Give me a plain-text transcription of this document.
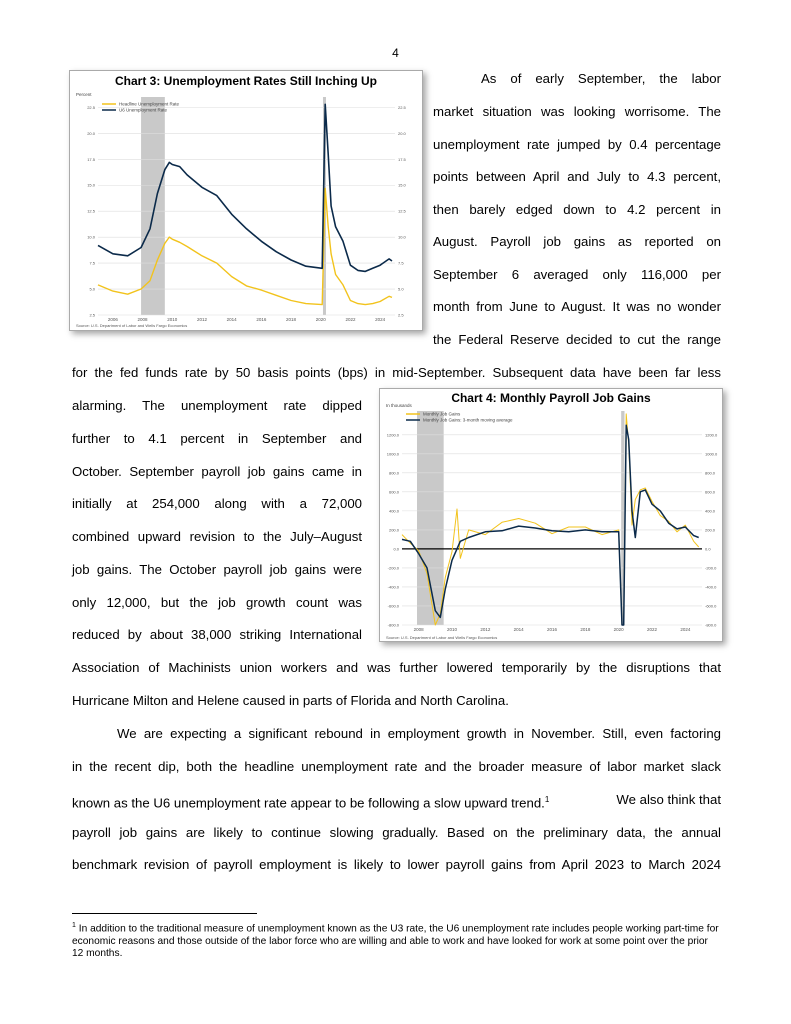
4
Chart 3: Unemployment Rates Still Inching Up
Percent
2.5	2.5
5.0	5.0
7.5	7.5
10.0	10.0
12.5	12.5
15.0	15.0
17.5	17.5
20.0	20.0
22.5	22.5
2006	2008	2010	2012	2014	2016	2018	2020	2022	2024
Headline Unemployment Rate
U6 Unemployment Rate
Source: U.S. Department of Labor and Wells Fargo Economics
Chart 4: Monthly Payroll Job Gains
In thousands
-800.0	-800.0
-600.0	-600.0
-400.0	-400.0
-200.0	-200.0
0.0	0.0
200.0	200.0
400.0	400.0
600.0	600.0
800.0	800.0
1000.0	1000.0
1200.0	1200.0
2008	2010	2012	2014	2016	2018	2020	2022	2024
Monthly Job Gains
Monthly Job Gains: 3-month moving average
Source: U.S. Department of Labor and Wells Fargo Economics
As of early September, the labor
market situation was looking worrisome. The
unemployment rate jumped by 0.4 percentage
points between April and July to 4.3 percent,
then barely edged down to 4.2 percent in
August. Payroll job gains as reported on
September 6 averaged only 116,000 per
month from June to August. It was no wonder
the Federal Reserve decided to cut the range
for the fed funds rate by 50 basis points (bps) in mid-September. Subsequent data have been far less
alarming. The unemployment rate dipped
further to 4.1 percent in September and
October. September payroll job gains came in
initially at 254,000 along with a 72,000
combined upward revision to the July–August
job gains. The October payroll job gains were
only 12,000, but the job growth count was
reduced by about 38,000 striking International
Association of Machinists union workers and was further lowered temporarily by the disruptions that
Hurricane Milton and Helene caused in parts of Florida and North Carolina.
We are expecting a significant rebound in employment growth in November. Still, even factoring
in the recent dip, both the headline unemployment rate and the broader measure of labor market slack
known as the U6 unemployment rate appear to be following a slow upward trend.$^1$	We also think that
payroll job gains are likely to continue slowing gradually. Based on the preliminary data, the annual
benchmark revision of payroll employment is likely to lower payroll gains from April 2023 to March 2024
$^1$ In addition to the traditional measure of unemployment known as the U3 rate, the U6 unemployment rate includes people working part-time for economic reasons and those outside of the labor force who are willing and able to work and have looked for work at some point over the prior 12 months.
